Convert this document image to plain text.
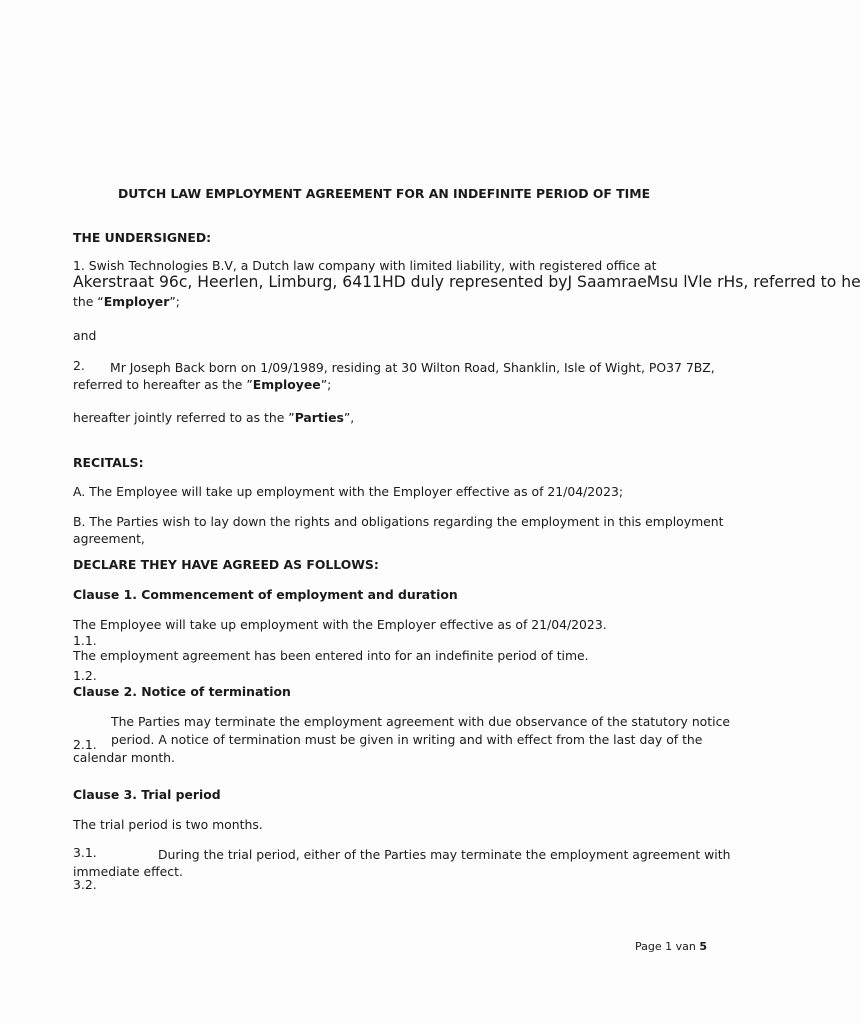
DUTCH LAW EMPLOYMENT AGREEMENT FOR AN INDEFINITE PERIOD OF TIME
THE UNDERSIGNED:
1. Swish Technologies B.V, a Dutch law company with limited liability, with registered office at
Akerstraat 96c, Heerlen, Limburg, 6411HD duly represented byJ SaamraeMsu lVle rHs, referred to he
the “Employer”;
and
2. Mr Joseph Back born on 1/09/1989, residing at 30 Wilton Road, Shanklin, Isle of Wight, PO37 7BZ,
referred to hereafter as the ”Employee”;
hereafter jointly referred to as the ”Parties”,
RECITALS:
A. The Employee will take up employment with the Employer effective as of 21/04/2023;
B. The Parties wish to lay down the rights and obligations regarding the employment in this employment
agreement,
DECLARE THEY HAVE AGREED AS FOLLOWS:
Clause 1. Commencement of employment and duration
The Employee will take up employment with the Employer effective as of 21/04/2023.
1.1.
The employment agreement has been entered into for an indefinite period of time.
1.2.
Clause 2. Notice of termination
The Parties may terminate the employment agreement with due observance of the statutory notice
2.1. period. A notice of termination must be given in writing and with effect from the last day of the
calendar month.
Clause 3. Trial period
The trial period is two months.
3.1.	During the trial period, either of the Parties may terminate the employment agreement with
immediate effect.
3.2.
Page 1 van 5
